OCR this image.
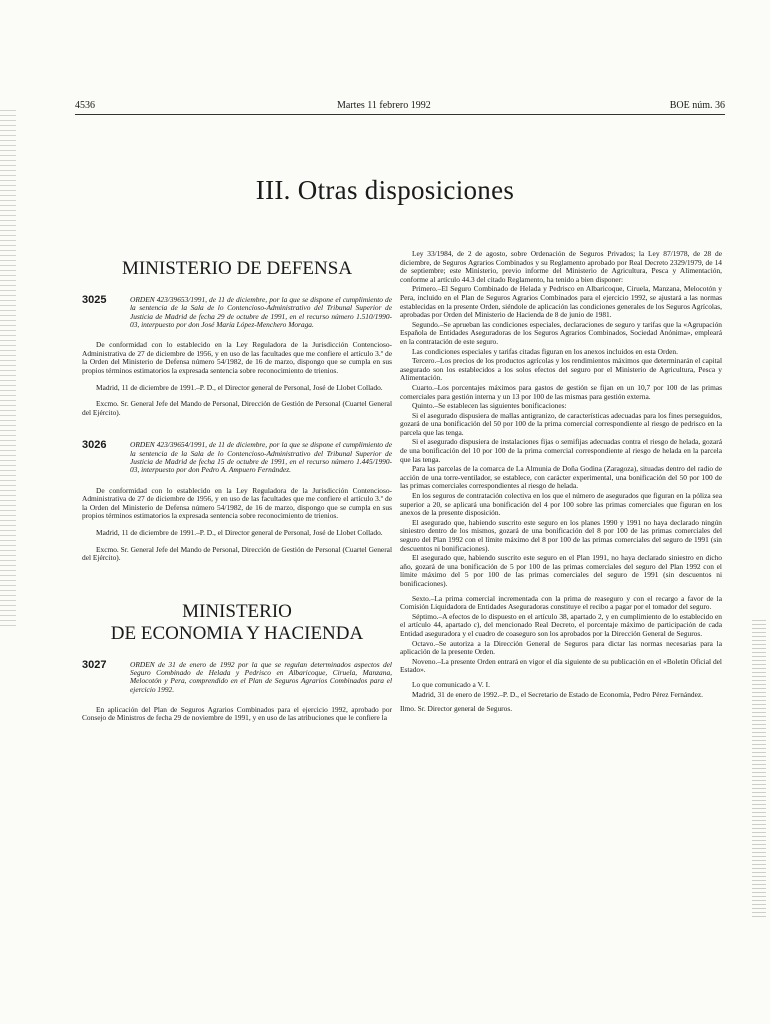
4536	Martes 11 febrero 1992	BOE núm. 36
III. Otras disposiciones
MINISTERIO DE DEFENSA
3025	ORDEN 423/39653/1991, de 11 de diciembre, por la que se dispone el cumplimiento de la sentencia de la Sala de lo Contencioso-Administrativo del Tribunal Superior de Justicia de Madrid de fecha 29 de octubre de 1991, en el recurso número 1.510/1990-03, interpuesto por don José María López-Menchero Moraga.

De conformidad con lo establecido en la Ley Reguladora de la Jurisdicción Contencioso-Administrativa de 27 de diciembre de 1956, y en uso de las facultades que me confiere el artículo 3.º de la Orden del Ministerio de Defensa número 54/1982, de 16 de marzo, dispongo que se cumpla en sus propios términos estimatorios la expresada sentencia sobre reconocimiento de trienios.

Madrid, 11 de diciembre de 1991.–P. D., el Director general de Personal, José de Llobet Collado.

Excmo. Sr. General Jefe del Mando de Personal, Dirección de Gestión de Personal (Cuartel General del Ejército).

3026	ORDEN 423/39654/1991, de 11 de diciembre, por la que se dispone el cumplimiento de la sentencia de la Sala de lo Contencioso-Administrativo del Tribunal Superior de Justicia de Madrid de fecha 15 de octubre de 1991, en el recurso número 1.445/1990-03, interpuesto por don Pedro A. Ampuero Fernández.

De conformidad con lo establecido en la Ley Reguladora de la Jurisdicción Contencioso-Administrativa de 27 de diciembre de 1956, y en uso de las facultades que me confiere el artículo 3.º de la Orden del Ministerio de Defensa número 54/1982, de 16 de marzo, dispongo que se cumpla en sus propios términos estimatorios la expresada sentencia sobre reconocimiento de trienios.

Madrid, 11 de diciembre de 1991.–P. D., el Director general de Personal, José de Llobet Collado.

Excmo. Sr. General Jefe del Mando de Personal, Dirección de Gestión de Personal (Cuartel General del Ejército).

MINISTERIO
DE ECONOMIA Y HACIENDA
3027	ORDEN de 31 de enero de 1992 por la que se regulan determinados aspectos del Seguro Combinado de Helada y Pedrisco en Albaricoque, Ciruela, Manzana, Melocotón y Pera, comprendido en el Plan de Seguros Agrarios Combinados para el ejercicio 1992.

En aplicación del Plan de Seguros Agrarios Combinados para el ejercicio 1992, aprobado por Consejo de Ministros de fecha 29 de noviembre de 1991, y en uso de las atribuciones que le confiere la

Ley 33/1984, de 2 de agosto, sobre Ordenación de Seguros Privados; la Ley 87/1978, de 28 de diciembre, de Seguros Agrarios Combinados y su Reglamento aprobado por Real Decreto 2329/1979, de 14 de septiembre; este Ministerio, previo informe del Ministerio de Agricultura, Pesca y Alimentación, conforme al artículo 44.3 del citado Reglamento, ha tenido a bien disponer:

Primero.–El Seguro Combinado de Helada y Pedrisco en Albaricoque, Ciruela, Manzana, Melocotón y Pera, incluido en el Plan de Seguros Agrarios Combinados para el ejercicio 1992, se ajustará a las normas establecidas en la presente Orden, siéndole de aplicación las condiciones generales de los Seguros Agrícolas, aprobadas por Orden del Ministerio de Hacienda de 8 de junio de 1981.

Segundo.–Se aprueban las condiciones especiales, declaraciones de seguro y tarifas que la «Agrupación Española de Entidades Aseguradoras de los Seguros Agrarios Combinados, Sociedad Anónima», empleará en la contratación de este seguro.

Las condiciones especiales y tarifas citadas figuran en los anexos incluidos en esta Orden.

Tercero.–Los precios de los productos agrícolas y los rendimientos máximos que determinarán el capital asegurado son los establecidos a los solos efectos del seguro por el Ministerio de Agricultura, Pesca y Alimentación.

Cuarto.–Los porcentajes máximos para gastos de gestión se fijan en un 10,7 por 100 de las primas comerciales para gestión interna y un 13 por 100 de las mismas para gestión externa.

Quinto.–Se establecen las siguientes bonificaciones:

Si el asegurado dispusiera de mallas antigranizo, de características adecuadas para los fines perseguidos, gozará de una bonificación del 50 por 100 de la prima comercial correspondiente al riesgo de pedrisco en la parcela que las tenga.

Si el asegurado dispusiera de instalaciones fijas o semifijas adecuadas contra el riesgo de helada, gozará de una bonificación del 10 por 100 de la prima comercial correspondiente al riesgo de helada en la parcela que las tenga.

Para las parcelas de la comarca de La Almunia de Doña Godina (Zaragoza), situadas dentro del radio de acción de una torre-ventilador, se establece, con carácter experimental, una bonificación del 50 por 100 de las primas comerciales correspondientes al riesgo de helada.

En los seguros de contratación colectiva en los que el número de asegurados que figuran en la póliza sea superior a 20, se aplicará una bonificación del 4 por 100 sobre las primas comerciales que figuran en los anexos de la presente disposición.

El asegurado que, habiendo suscrito este seguro en los planes 1990 y 1991 no haya declarado ningún siniestro dentro de los mismos, gozará de una bonificación del 8 por 100 de las primas comerciales del seguro del Plan 1992 con el límite máximo del 8 por 100 de las primas comerciales del seguro de 1991 (sin descuentos ni bonificaciones).

El asegurado que, habiendo suscrito este seguro en el Plan 1991, no haya declarado siniestro en dicho año, gozará de una bonificación de 5 por 100 de las primas comerciales del seguro del Plan 1992 con el límite máximo del 5 por 100 de las primas comerciales del seguro de 1991 (sin descuentos ni bonificaciones).

Sexto.–La prima comercial incrementada con la prima de reaseguro y con el recargo a favor de la Comisión Liquidadora de Entidades Aseguradoras constituye el recibo a pagar por el tomador del seguro.

Séptimo.–A efectos de lo dispuesto en el artículo 38, apartado 2, y en cumplimiento de lo establecido en el artículo 44, apartado c), del mencionado Real Decreto, el porcentaje máximo de participación de cada Entidad aseguradora y el cuadro de coaseguro son los aprobados por la Dirección General de Seguros.

Octavo.–Se autoriza a la Dirección General de Seguros para dictar las normas necesarias para la aplicación de la presente Orden.

Noveno.–La presente Orden entrará en vigor el día siguiente de su publicación en el «Boletín Oficial del Estado».

Lo que comunicado a V. I.

Madrid, 31 de enero de 1992.–P. D., el Secretario de Estado de Economía, Pedro Pérez Fernández.

Ilmo. Sr. Director general de Seguros.
